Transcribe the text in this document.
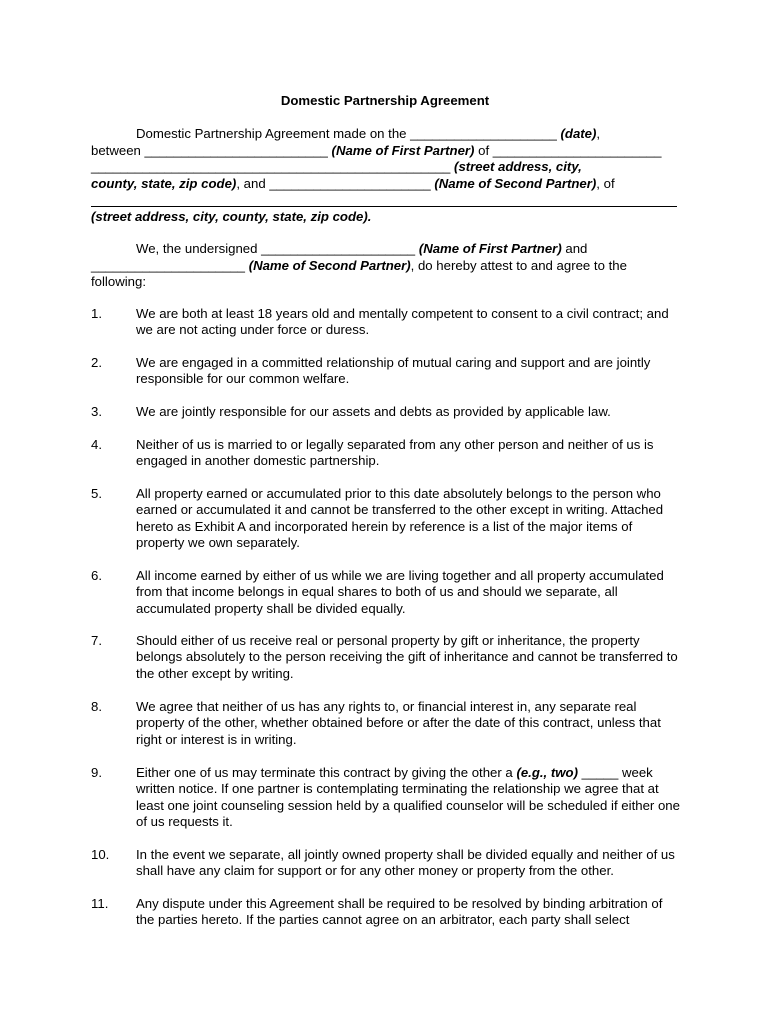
Domestic Partnership Agreement
Domestic Partnership Agreement made on the ____________________ (date),
between _________________________ (Name of First Partner) of _______________________
_________________________________________________ (street address, city,
county, state, zip code), and ______________________ (Name of Second Partner), of
(street address, city, county, state, zip code).
We, the undersigned _____________________ (Name of First Partner) and
_____________________ (Name of Second Partner), do hereby attest to and agree to the
following:
1.	We are both at least 18 years old and mentally competent to consent to a civil contract; and we are not acting under force or duress.
2.	We are engaged in a committed relationship of mutual caring and support and are jointly responsible for our common welfare.
3.	We are jointly responsible for our assets and debts as provided by applicable law.
4.	Neither of us is married to or legally separated from any other person and neither of us is engaged in another domestic partnership.
5.	All property earned or accumulated prior to this date absolutely belongs to the person who earned or accumulated it and cannot be transferred to the other except in writing. Attached hereto as Exhibit A and incorporated herein by reference is a list of the major items of property we own separately.
6.	All income earned by either of us while we are living together and all property accumulated from that income belongs in equal shares to both of us and should we separate, all accumulated property shall be divided equally.
7.	Should either of us receive real or personal property by gift or inheritance, the property belongs absolutely to the person receiving the gift of inheritance and cannot be transferred to the other except by writing.
8.	We agree that neither of us has any rights to, or financial interest in, any separate real property of the other, whether obtained before or after the date of this contract, unless that right or interest is in writing.
9.	Either one of us may terminate this contract by giving the other a (e.g., two) _____ week written notice. If one partner is contemplating terminating the relationship we agree that at least one joint counseling session held by a qualified counselor will be scheduled if either one of us requests it.
10.	In the event we separate, all jointly owned property shall be divided equally and neither of us shall have any claim for support or for any other money or property from the other.
11.	Any dispute under this Agreement shall be required to be resolved by binding arbitration of the parties hereto. If the parties cannot agree on an arbitrator, each party shall select
